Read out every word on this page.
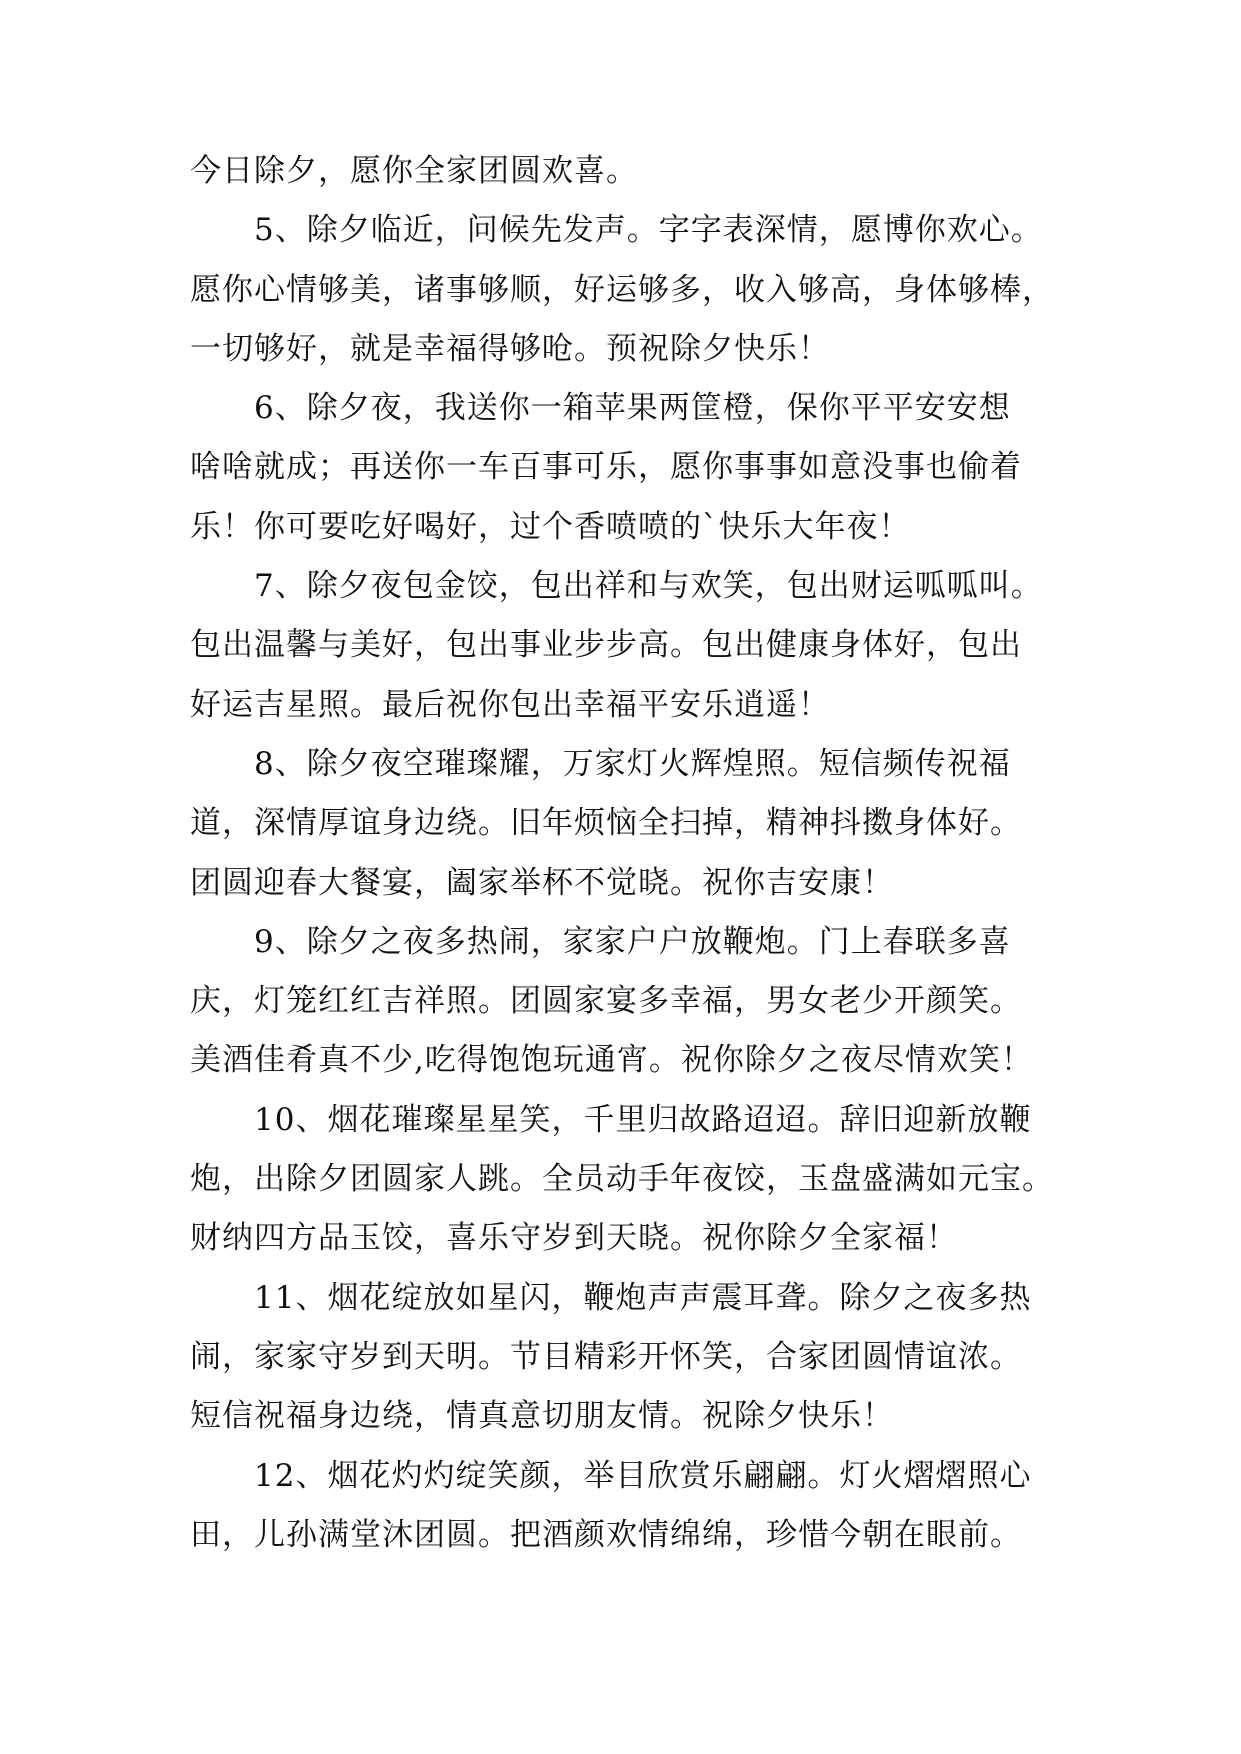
今日除夕，愿你全家团圆欢喜。
5、除夕临近，问候先发声。字字表深情，愿博你欢心。
愿你心情够美，诸事够顺，好运够多，收入够高，身体够棒，
一切够好，就是幸福得够呛。预祝除夕快乐！
6、除夕夜，我送你一箱苹果两筐橙，保你平平安安想
啥啥就成；再送你一车百事可乐，愿你事事如意没事也偷着
乐！你可要吃好喝好，过个香喷喷的`快乐大年夜！
7、除夕夜包金饺，包出祥和与欢笑，包出财运呱呱叫。
包出温馨与美好，包出事业步步高。包出健康身体好，包出
好运吉星照。最后祝你包出幸福平安乐逍遥！
8、除夕夜空璀璨耀，万家灯火辉煌照。短信频传祝福
道，深情厚谊身边绕。旧年烦恼全扫掉，精神抖擞身体好。
团圆迎春大餐宴，阖家举杯不觉晓。祝你吉安康！
9、除夕之夜多热闹，家家户户放鞭炮。门上春联多喜
庆，灯笼红红吉祥照。团圆家宴多幸福，男女老少开颜笑。
美酒佳肴真不少,吃得饱饱玩通宵。祝你除夕之夜尽情欢笑！
10、烟花璀璨星星笑，千里归故路迢迢。辞旧迎新放鞭
炮，出除夕团圆家人跳。全员动手年夜饺，玉盘盛满如元宝。
财纳四方品玉饺，喜乐守岁到天晓。祝你除夕全家福！
11、烟花绽放如星闪，鞭炮声声震耳聋。除夕之夜多热
闹，家家守岁到天明。节目精彩开怀笑，合家团圆情谊浓。
短信祝福身边绕，情真意切朋友情。祝除夕快乐！
12、烟花灼灼绽笑颜，举目欣赏乐翩翩。灯火熠熠照心
田，儿孙满堂沐团圆。把酒颜欢情绵绵，珍惜今朝在眼前。
